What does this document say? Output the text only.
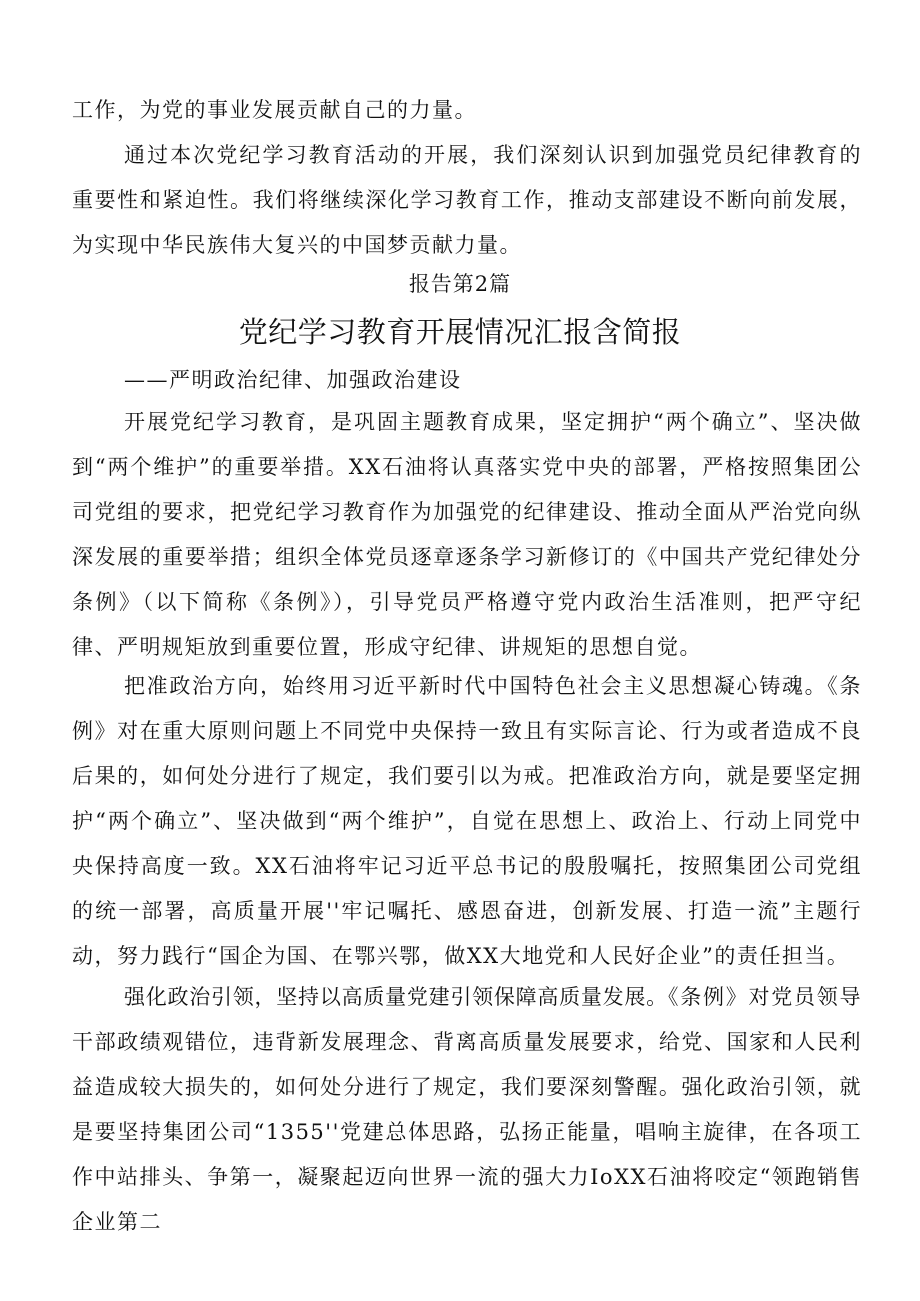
工作，为党的事业发展贡献自己的力量。

通过本次党纪学习教育活动的开展，我们深刻认识到加强党员纪律教育的重要性和紧迫性。我们将继续深化学习教育工作，推动支部建设不断向前发展，为实现中华民族伟大复兴的中国梦贡献力量。

报告第2篇
党纪学习教育开展情况汇报含简报
——严明政治纪律、加强政治建设

开展党纪学习教育，是巩固主题教育成果，坚定拥护“两个确立”、坚决做到“两个维护”的重要举措。XX石油将认真落实党中央的部署，严格按照集团公司党组的要求，把党纪学习教育作为加强党的纪律建设、推动全面从严治党向纵深发展的重要举措；组织全体党员逐章逐条学习新修订的《中国共产党纪律处分条例》（以下简称《条例》），引导党员严格遵守党内政治生活准则，把严守纪律、严明规矩放到重要位置，形成守纪律、讲规矩的思想自觉。

把准政治方向，始终用习近平新时代中国特色社会主义思想凝心铸魂。《条例》对在重大原则问题上不同党中央保持一致且有实际言论、行为或者造成不良后果的，如何处分进行了规定，我们要引以为戒。把准政治方向，就是要坚定拥护“两个确立”、坚决做到“两个维护”，自觉在思想上、政治上、行动上同党中央保持高度一致。XX石油将牢记习近平总书记的殷殷嘱托，按照集团公司党组的统一部署，高质量开展''牢记嘱托、感恩奋进，创新发展、打造一流”主题行动，努力践行“国企为国、在鄂兴鄂，做XX大地党和人民好企业”的责任担当。

强化政治引领，坚持以高质量党建引领保障高质量发展。《条例》对党员领导干部政绩观错位，违背新发展理念、背离高质量发展要求，给党、国家和人民利益造成较大损失的，如何处分进行了规定，我们要深刻警醒。强化政治引领，就是要坚持集团公司“1355''党建总体思路，弘扬正能量，唱响主旋律，在各项工作中站排头、争第一，凝聚起迈向世界一流的强大力IoXX石油将咬定“领跑销售企业第二
